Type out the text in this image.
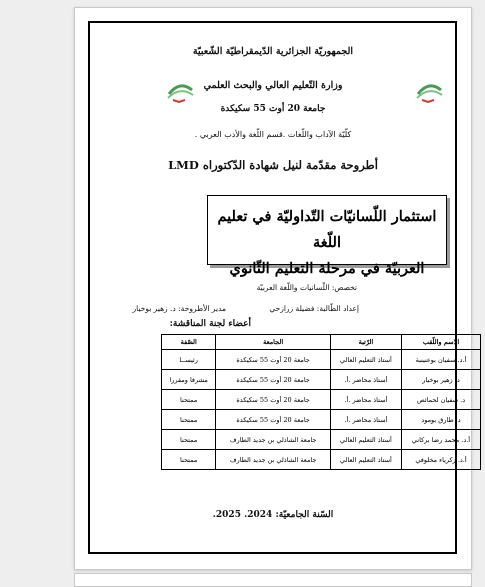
الجمهوريّة الجزائرية الدّيمقراطيّة الشّعبيّة
وزارة التّعليم العالي والبحث العلمي
جامعة 20 أوت 55 سكيكدة
كلّيّة الآداب واللّغات .قسم اللّغة والأدب العربي .
أطروحة مقدّمة لنيل شهادة الدّكتوراه LMD
استثمار اللّسانيّات التّداوليّة في تعليم اللّغة
العربيّة في مرحلة التعليم الثّانوي
تخصص: اللّسانيات واللّغة العربيّة
إعداد الطّالبة: فضيلة زرازحي
مدير الأطروحة: د. زهير بوخيار
أعضاء لجنة المناقشة:
الاسم واللّقب	الرّتبة	الجامعة	الصّفة
أ.د. سفيان بوعنينبة	أستاذ التعليم العالي	جامعة 20 أوت 55 سكيكدة	رئيســا
د. زهير بوخيار	أستاذ محاضر .أ.	جامعة 20 أوت 55 سكيكدة	مشرفا ومقررا
د. سفيان لحمائص	أستاذ محاضر .أ.	جامعة 20 أوت 55 سكيكدة	ممتحنا
د. طارق بومود	أستاذ محاضر .أ.	جامعة 20 أوت 55 سكيكدة	ممتحنا
أ.د. محمد رضا بركاني	أستاذ التعليم العالي	جامعة الشاذلي بن جديد الطارف	ممتحنا
أ.د. زكرياء مخلوفي	أستاذ التعليم العالي	جامعة الشاذلي بن جديد الطارف	ممتحنا
السّنة الجامعيّة: 2024. 2025.
